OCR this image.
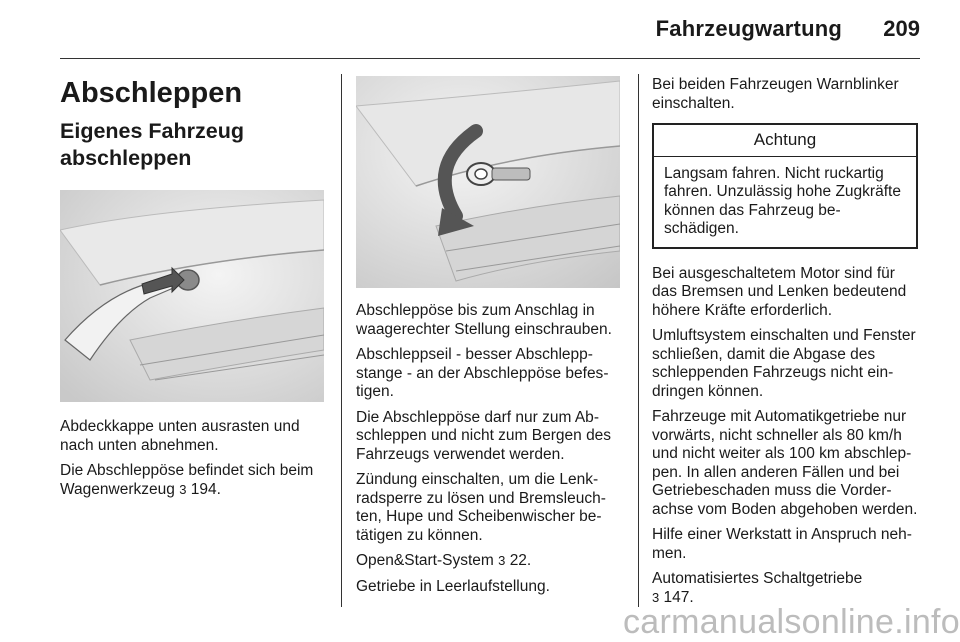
Fahrzeugwartung 209
Abschleppen
Eigenes Fahrzeug abschleppen

Abdeckkappe unten ausrasten und nach unten abnehmen.

Die Abschleppöse befindet sich beim Wagenwerkzeug 3 194.

Abschleppöse bis zum Anschlag in waagerechter Stellung einschrauben.

Abschleppseil - besser Abschleppstange - an der Abschleppöse befestigen.

Die Abschleppöse darf nur zum Abschleppen und nicht zum Bergen des Fahrzeugs verwendet werden.

Zündung einschalten, um die Lenkradsperre zu lösen und Bremsleuchten, Hupe und Scheibenwischer betätigen zu können.

Open&Start-System 3 22.

Getriebe in Leerlaufstellung.

Bei beiden Fahrzeugen Warnblinker einschalten.

Achtung
Langsam fahren. Nicht ruckartig fahren. Unzulässig hohe Zugkräfte können das Fahrzeug beschädigen.

Bei ausgeschaltetem Motor sind für das Bremsen und Lenken bedeutend höhere Kräfte erforderlich.

Umluftsystem einschalten und Fenster schließen, damit die Abgase des schleppenden Fahrzeugs nicht eindringen können.

Fahrzeuge mit Automatikgetriebe nur vorwärts, nicht schneller als 80 km/h und nicht weiter als 100 km abschleppen. In allen anderen Fällen und bei Getriebeschaden muss die Vorderachse vom Boden abgehoben werden.

Hilfe einer Werkstatt in Anspruch nehmen.

Automatisiertes Schaltgetriebe
3 147.

carmanualsonline.info
